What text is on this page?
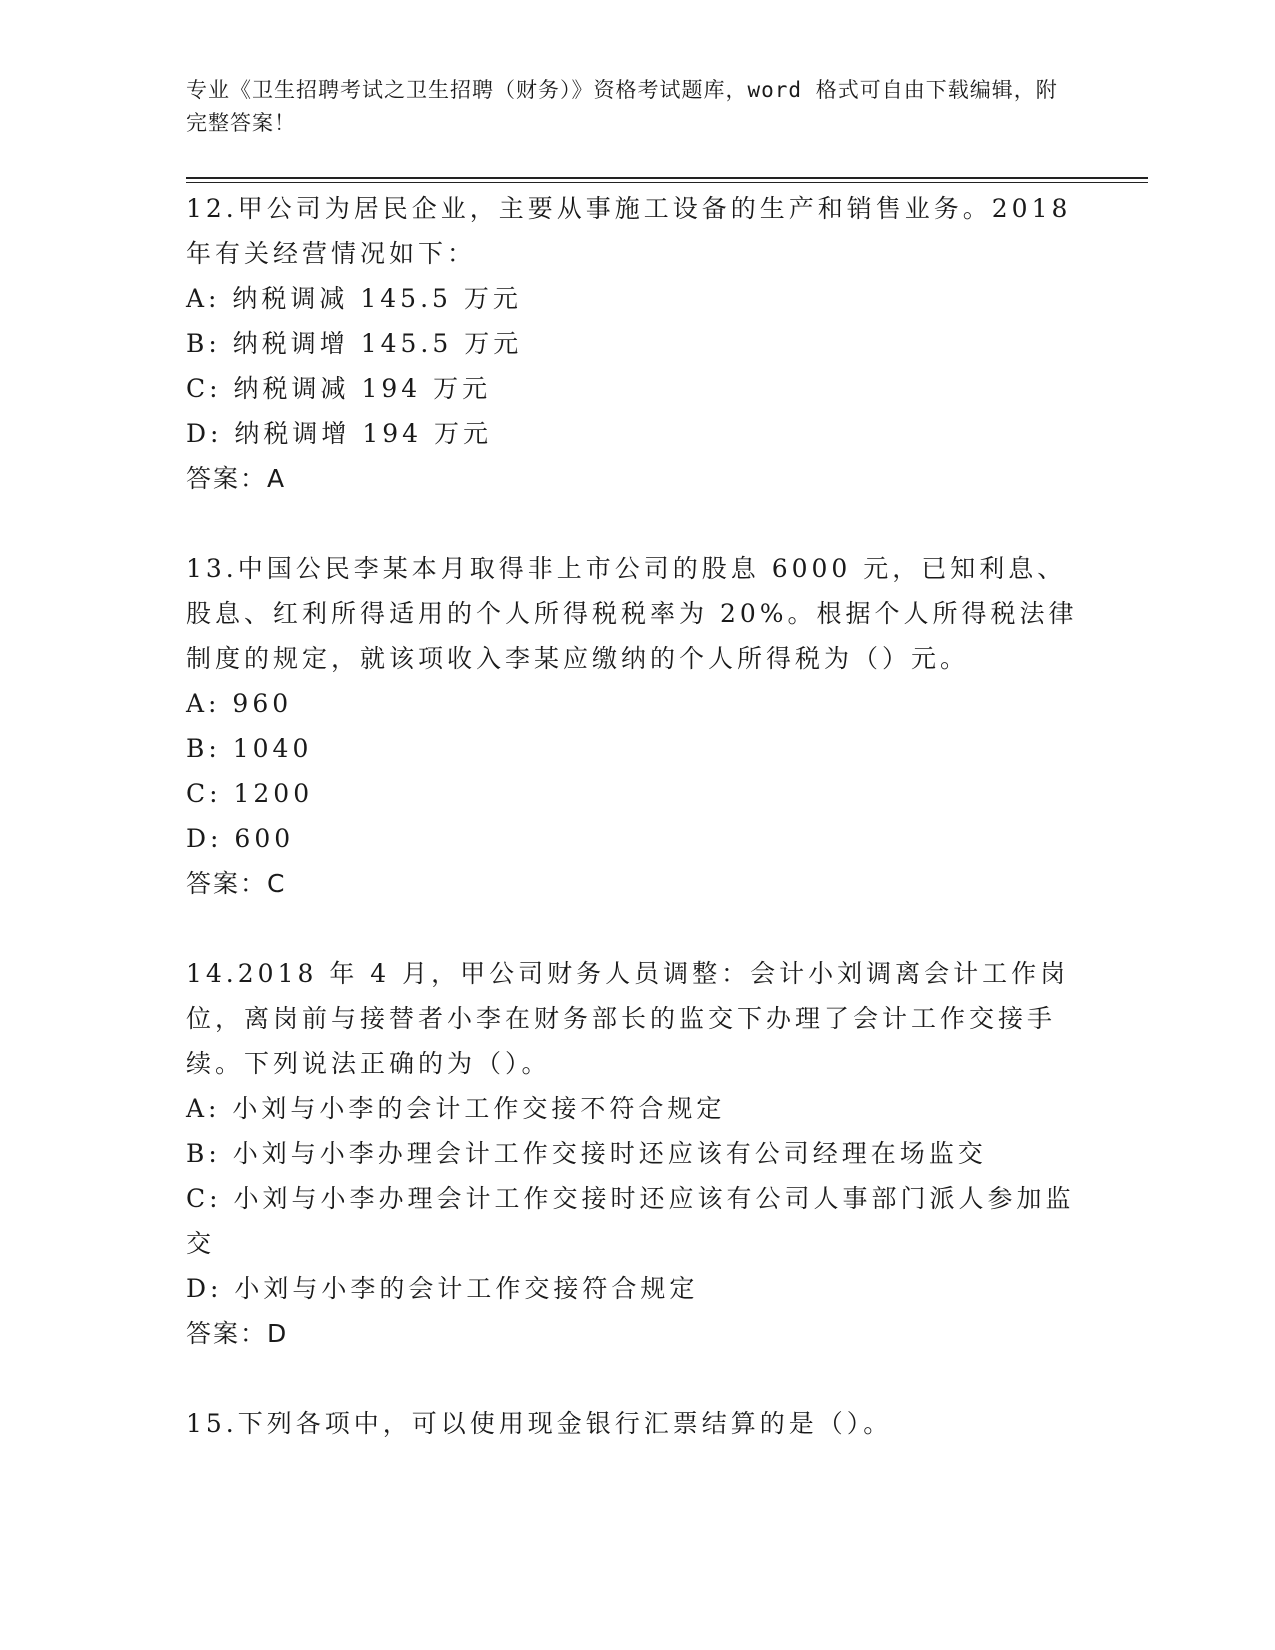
专业《卫生招聘考试之卫生招聘（财务）》资格考试题库，word 格式可自由下载编辑，附完整答案！

12.甲公司为居民企业，主要从事施工设备的生产和销售业务。2018 年有关经营情况如下：

A: 纳税调减 145.5 万元

B: 纳税调增 145.5 万元

C: 纳税调减 194 万元

D: 纳税调增 194 万元

答案：A

13.中国公民李某本月取得非上市公司的股息 6000 元，已知利息、股息、红利所得适用的个人所得税税率为 20%。根据个人所得税法律制度的规定，就该项收入李某应缴纳的个人所得税为（）元。

A: 960

B: 1040

C: 1200

D: 600

答案：C

14.2018 年 4 月，甲公司财务人员调整：会计小刘调离会计工作岗位，离岗前与接替者小李在财务部长的监交下办理了会计工作交接手续。下列说法正确的为（）。

A: 小刘与小李的会计工作交接不符合规定

B: 小刘与小李办理会计工作交接时还应该有公司经理在场监交

C: 小刘与小李办理会计工作交接时还应该有公司人事部门派人参加监交

D: 小刘与小李的会计工作交接符合规定

答案：D

15.下列各项中，可以使用现金银行汇票结算的是（）。
